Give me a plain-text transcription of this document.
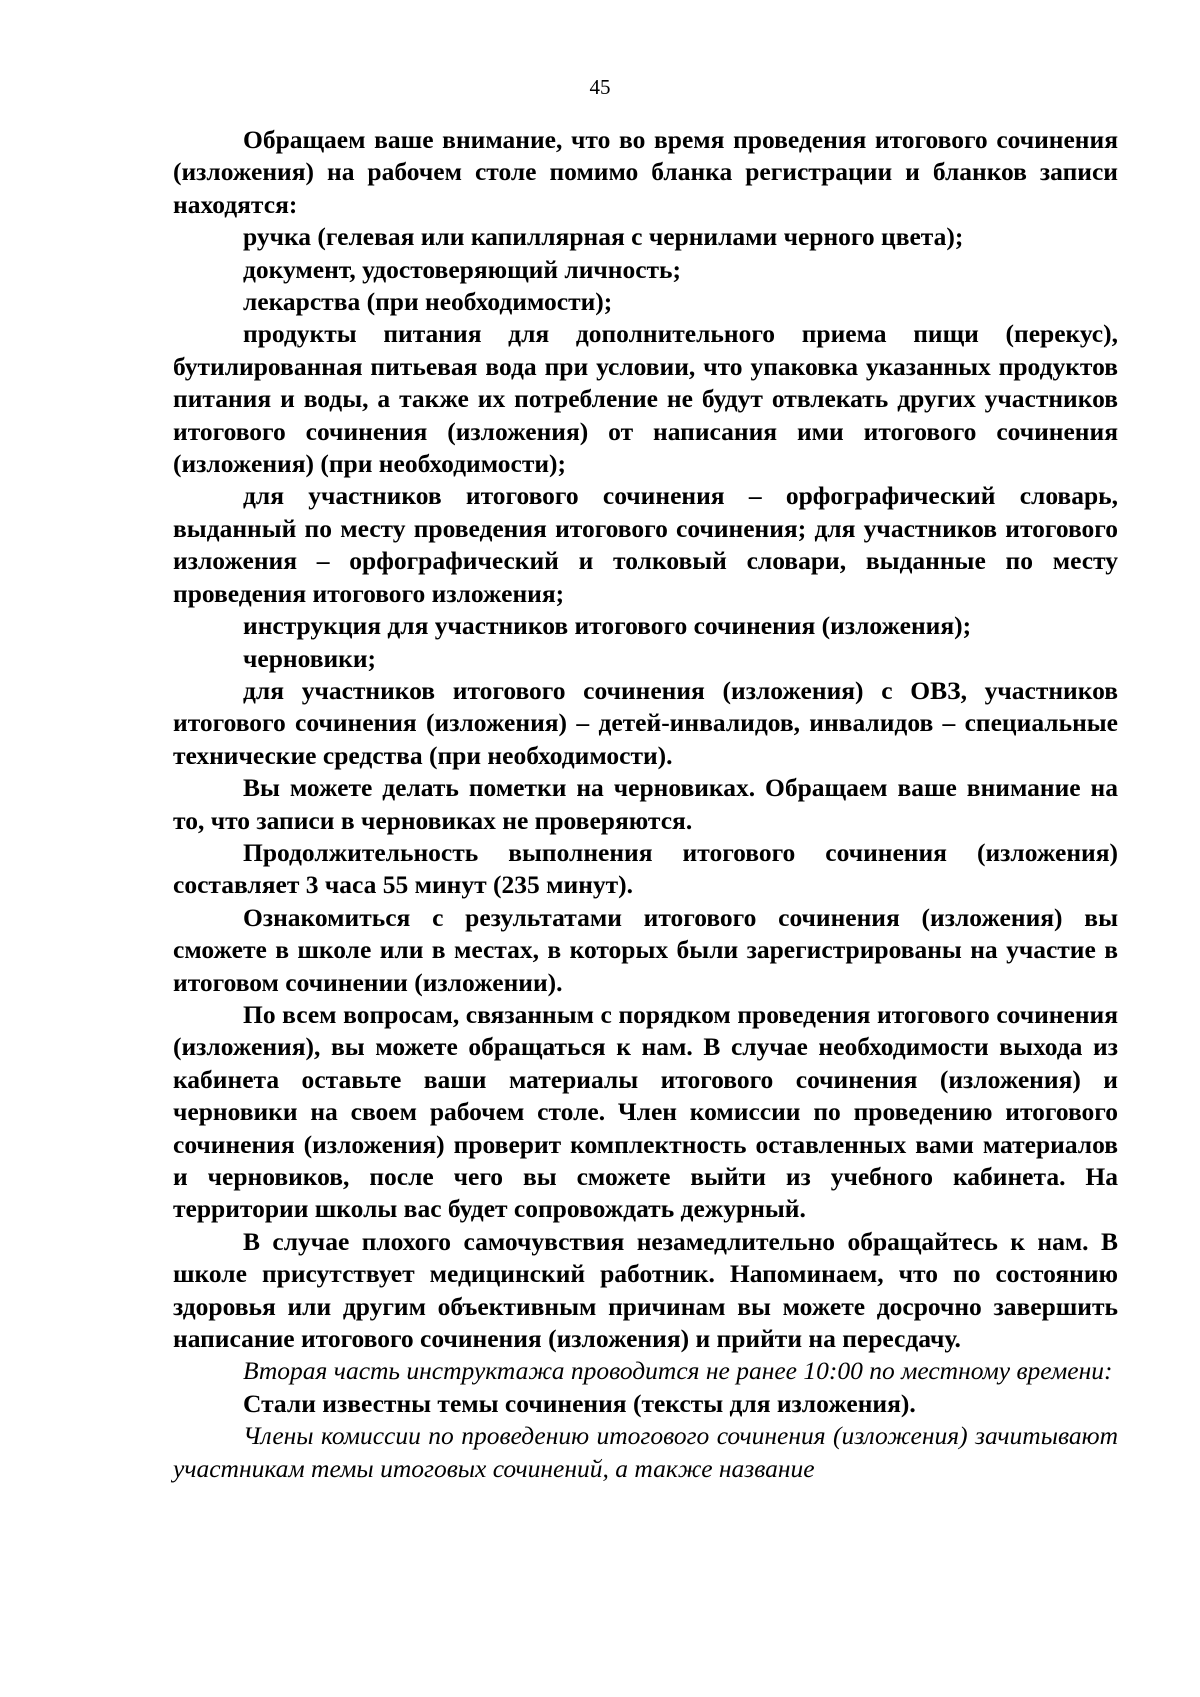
45

Обращаем ваше внимание, что во время проведения итогового сочинения (изложения) на рабочем столе помимо бланка регистрации и бланков записи находятся:

ручка (гелевая или капиллярная с чернилами черного цвета);

документ, удостоверяющий личность;

лекарства (при необходимости);

продукты питания для дополнительного приема пищи (перекус), бутилированная питьевая вода при условии, что упаковка указанных продуктов питания и воды, а также их потребление не будут отвлекать других участников итогового сочинения (изложения) от написания ими итогового сочинения (изложения) (при необходимости);

для участников итогового сочинения – орфографический словарь, выданный по месту проведения итогового сочинения; для участников итогового изложения – орфографический и толковый словари, выданные по месту проведения итогового изложения;

инструкция для участников итогового сочинения (изложения);

черновики;

для участников итогового сочинения (изложения) с ОВЗ, участников итогового сочинения (изложения) – детей-инвалидов, инвалидов – специальные технические средства (при необходимости).

Вы можете делать пометки на черновиках. Обращаем ваше внимание на то, что записи в черновиках не проверяются.

Продолжительность выполнения итогового сочинения (изложения) составляет 3 часа 55 минут (235 минут).

Ознакомиться с результатами итогового сочинения (изложения) вы сможете в школе или в местах, в которых были зарегистрированы на участие в итоговом сочинении (изложении).

По всем вопросам, связанным с порядком проведения итогового сочинения (изложения), вы можете обращаться к нам. В случае необходимости выхода из кабинета оставьте ваши материалы итогового сочинения (изложения) и черновики на своем рабочем столе. Член комиссии по проведению итогового сочинения (изложения) проверит комплектность оставленных вами материалов и черновиков, после чего вы сможете выйти из учебного кабинета. На территории школы вас будет сопровождать дежурный.

В случае плохого самочувствия незамедлительно обращайтесь к нам. В школе присутствует медицинский работник. Напоминаем, что по состоянию здоровья или другим объективным причинам вы можете досрочно завершить написание итогового сочинения (изложения) и прийти на пересдачу.

Вторая часть инструктажа проводится не ранее 10:00 по местному времени:

Стали известны темы сочинения (тексты для изложения).

Члены комиссии по проведению итогового сочинения (изложения) зачитывают участникам темы итоговых сочинений, а также название
